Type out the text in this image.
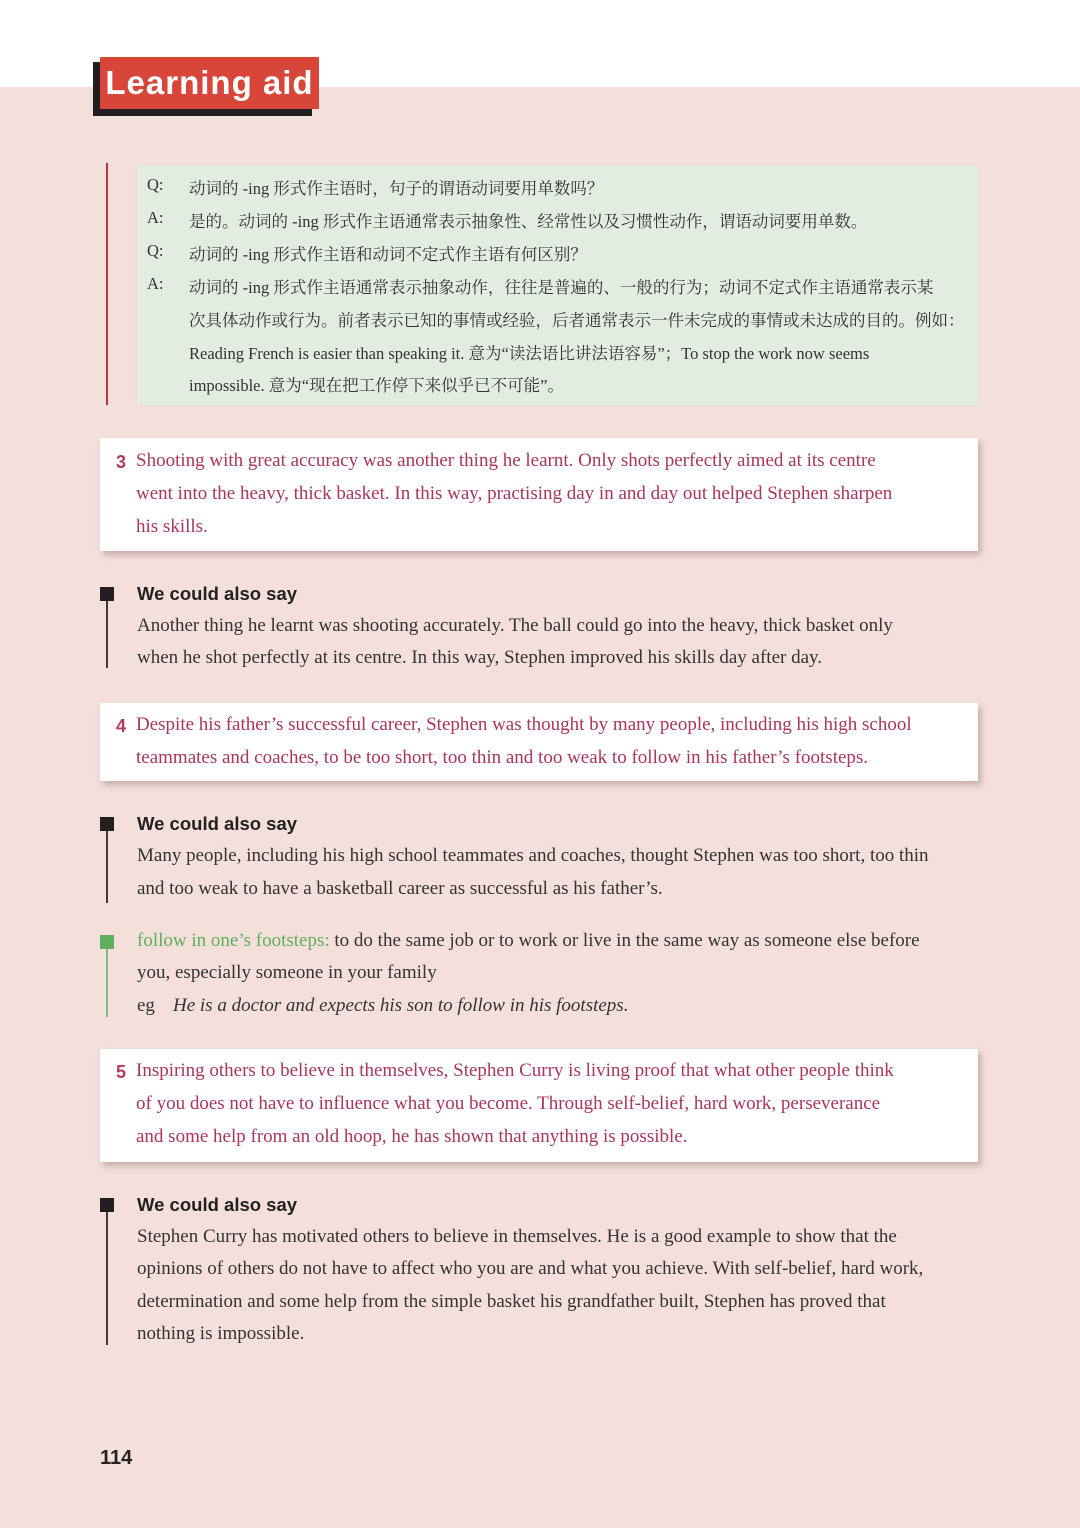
Learning aid
Q:	动词的 -ing 形式作主语时，句子的谓语动词要用单数吗？
A:	是的。动词的 -ing 形式作主语通常表示抽象性、经常性以及习惯性动作，谓语动词要用单数。
Q:	动词的 -ing 形式作主语和动词不定式作主语有何区别？
A:	动词的 -ing 形式作主语通常表示抽象动作，往往是普遍的、一般的行为；动词不定式作主语通常表示某
次具体动作或行为。前者表示已知的事情或经验，后者通常表示一件未完成的事情或未达成的目的。例如：
Reading French is easier than speaking it. 意为“读法语比讲法语容易”；To stop the work now seems
impossible. 意为“现在把工作停下来似乎已不可能”。
3 Shooting with great accuracy was another thing he learnt. Only shots perfectly aimed at its centre
went into the heavy, thick basket. In this way, practising day in and day out helped Stephen sharpen
his skills.
We could also say
Another thing he learnt was shooting accurately. The ball could go into the heavy, thick basket only
when he shot perfectly at its centre. In this way, Stephen improved his skills day after day.
4 Despite his father’s successful career, Stephen was thought by many people, including his high school
teammates and coaches, to be too short, too thin and too weak to follow in his father’s footsteps.
We could also say
Many people, including his high school teammates and coaches, thought Stephen was too short, too thin
and too weak to have a basketball career as successful as his father’s.
follow in one’s footsteps: to do the same job or to work or live in the same way as someone else before
you, especially someone in your family
eg He is a doctor and expects his son to follow in his footsteps.
5 Inspiring others to believe in themselves, Stephen Curry is living proof that what other people think
of you does not have to influence what you become. Through self-belief, hard work, perseverance
and some help from an old hoop, he has shown that anything is possible.
We could also say
Stephen Curry has motivated others to believe in themselves. He is a good example to show that the
opinions of others do not have to affect who you are and what you achieve. With self-belief, hard work,
determination and some help from the simple basket his grandfather built, Stephen has proved that
nothing is impossible.
114
